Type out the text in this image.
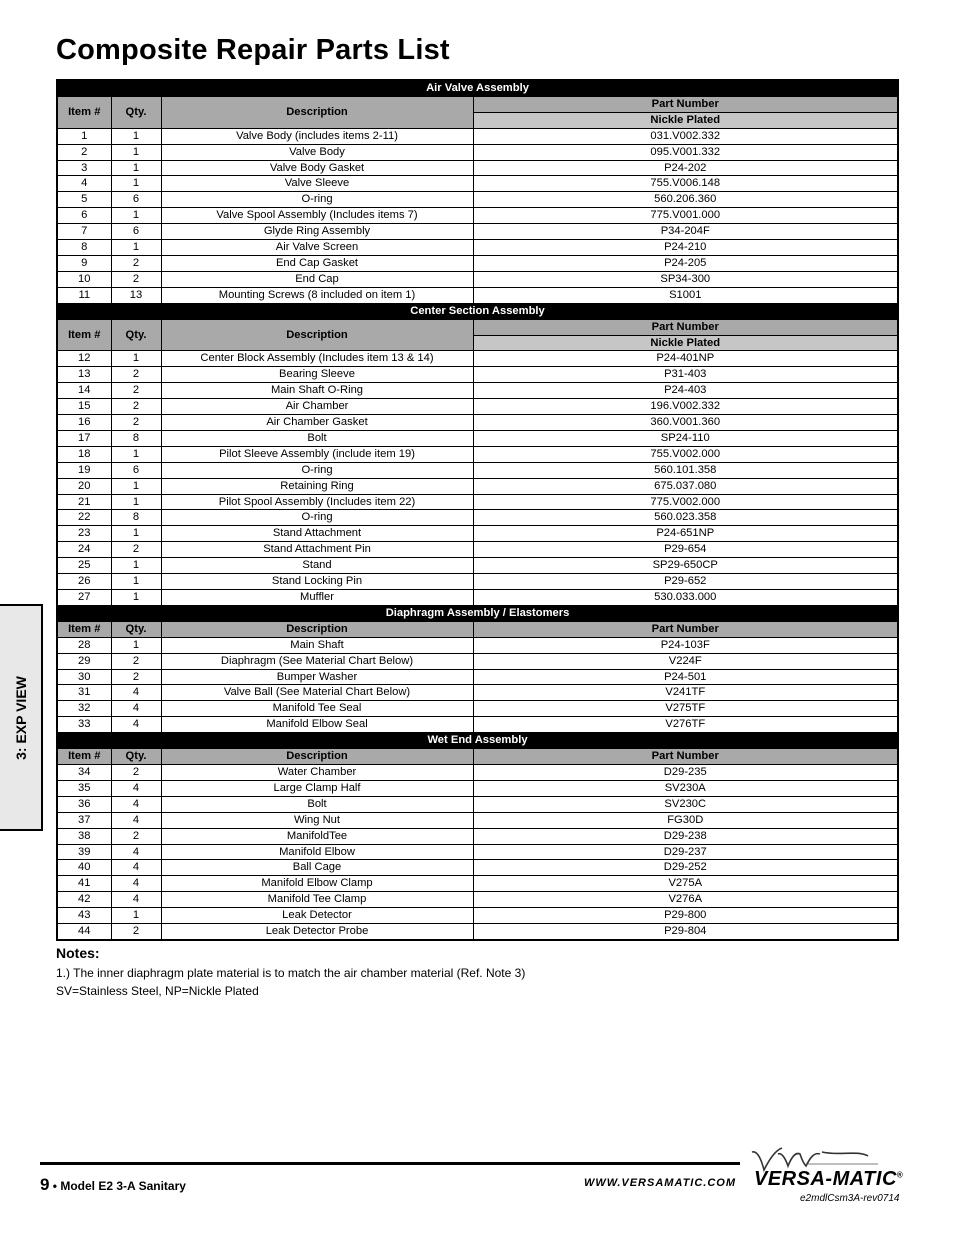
Composite Repair Parts List
3: EXP VIEW
Air Valve Assembly			
Item #	Qty.	Description	Part Number
			Nickle Plated
1	1	Valve Body (includes items 2-11)	031.V002.332
2	1	Valve Body	095.V001.332
3	1	Valve Body Gasket	P24-202
4	1	Valve Sleeve	755.V006.148
5	6	O-ring	560.206.360
6	1	Valve Spool Assembly (Includes items 7)	775.V001.000
7	6	Glyde Ring Assembly	P34-204F
8	1	Air Valve Screen	P24-210
9	2	End Cap Gasket	P24-205
10	2	End Cap	SP34-300
11	13	Mounting Screws (8 included on item 1)	S1001
Center Section Assembly			
Item #	Qty.	Description	Part Number
			Nickle Plated
12	1	Center Block Assembly (Includes item 13 & 14)	P24-401NP
13	2	Bearing Sleeve	P31-403
14	2	Main Shaft O-Ring	P24-403
15	2	Air Chamber	196.V002.332
16	2	Air Chamber Gasket	360.V001.360
17	8	Bolt	SP24-110
18	1	Pilot Sleeve Assembly (include item 19)	755.V002.000
19	6	O-ring	560.101.358
20	1	Retaining Ring	675.037.080
21	1	Pilot Spool Assembly (Includes item 22)	775.V002.000
22	8	O-ring	560.023.358
23	1	Stand Attachment	P24-651NP
24	2	Stand Attachment Pin	P29-654
25	1	Stand	SP29-650CP
26	1	Stand Locking Pin	P29-652
27	1	Muffler	530.033.000
Diaphragm Assembly / Elastomers			
Item #	Qty.	Description	Part Number
28	1	Main Shaft	P24-103F
29	2	Diaphragm (See Material Chart Below)	V224F
30	2	Bumper Washer	P24-501
31	4	Valve Ball (See Material Chart Below)	V241TF
32	4	Manifold Tee Seal	V275TF
33	4	Manifold Elbow Seal	V276TF
Wet End Assembly			
Item #	Qty.	Description	Part Number
34	2	Water Chamber	D29-235
35	4	Large Clamp Half	SV230A
36	4	Bolt	SV230C
37	4	Wing Nut	FG30D
38	2	ManifoldTee	D29-238
39	4	Manifold Elbow	D29-237
40	4	Ball Cage	D29-252
41	4	Manifold Elbow Clamp	V275A
42	4	Manifold Tee Clamp	V276A
43	1	Leak Detector	P29-800
44	2	Leak Detector Probe	P29-804
Notes:
1.) The inner diaphragm plate material is to match the air chamber material (Ref. Note 3)
SV=Stainless Steel, NP=Nickle Plated
9 • Model E2 3-A Sanitary	WWW.VERSAMATIC.COM VERSA-MATIC®
e2mdlCsm3A-rev0714
